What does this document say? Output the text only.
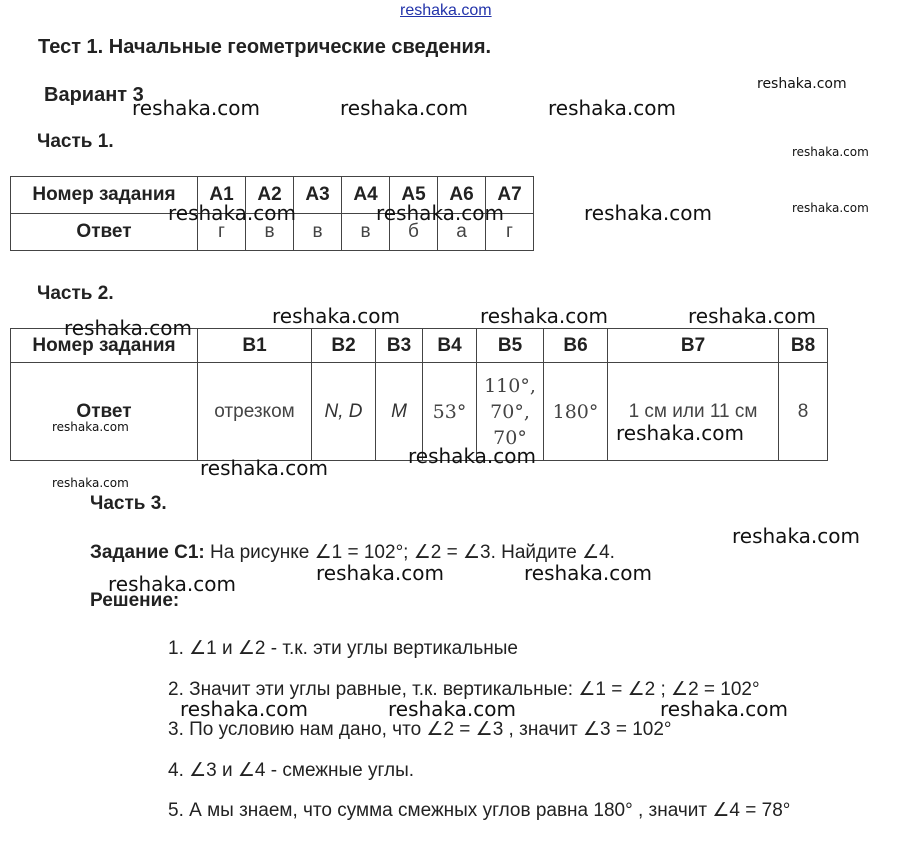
reshaka.com
Тест 1. Начальные геометрические сведения.
Вариант 3
Часть 1.
Номер задания	A1	A2	A3	A4	A5	A6	A7
Ответ	г	в	в	в	б	а	г
Часть 2.
Номер задания	B1	B2	B3	B4	B5	B6	B7	B8
Ответ	отрезком	N, D	M	53°	110°, 70°, 70°	180°	1 см или 11 см	8
Часть 3.
Задание С1: На рисунке ∠1 = 102°; ∠2 = ∠3. Найдите ∠4.
Решение:
1. ∠1 и ∠2 - т.к. эти углы вертикальные
2. Значит эти углы равные, т.к. вертикальные: ∠1 = ∠2 ; ∠2 = 102°
3. По условию нам дано, что ∠2 = ∠3 , значит ∠3 = 102°
4. ∠3 и ∠4 - смежные углы.
5. А мы знаем, что сумма смежных углов равна 180° , значит ∠4 = 78°
reshaka.com
reshaka.com	reshaka.com	reshaka.com
reshaka.com
reshaka.com
reshaka.com	reshaka.com	reshaka.com
reshaka.com	reshaka.com	reshaka.com
reshaka.com
reshaka.com	reshaka.com
reshaka.com
reshaka.com
reshaka.com
reshaka.com
reshaka.com	reshaka.com
reshaka.com
reshaka.com	reshaka.com	reshaka.com
